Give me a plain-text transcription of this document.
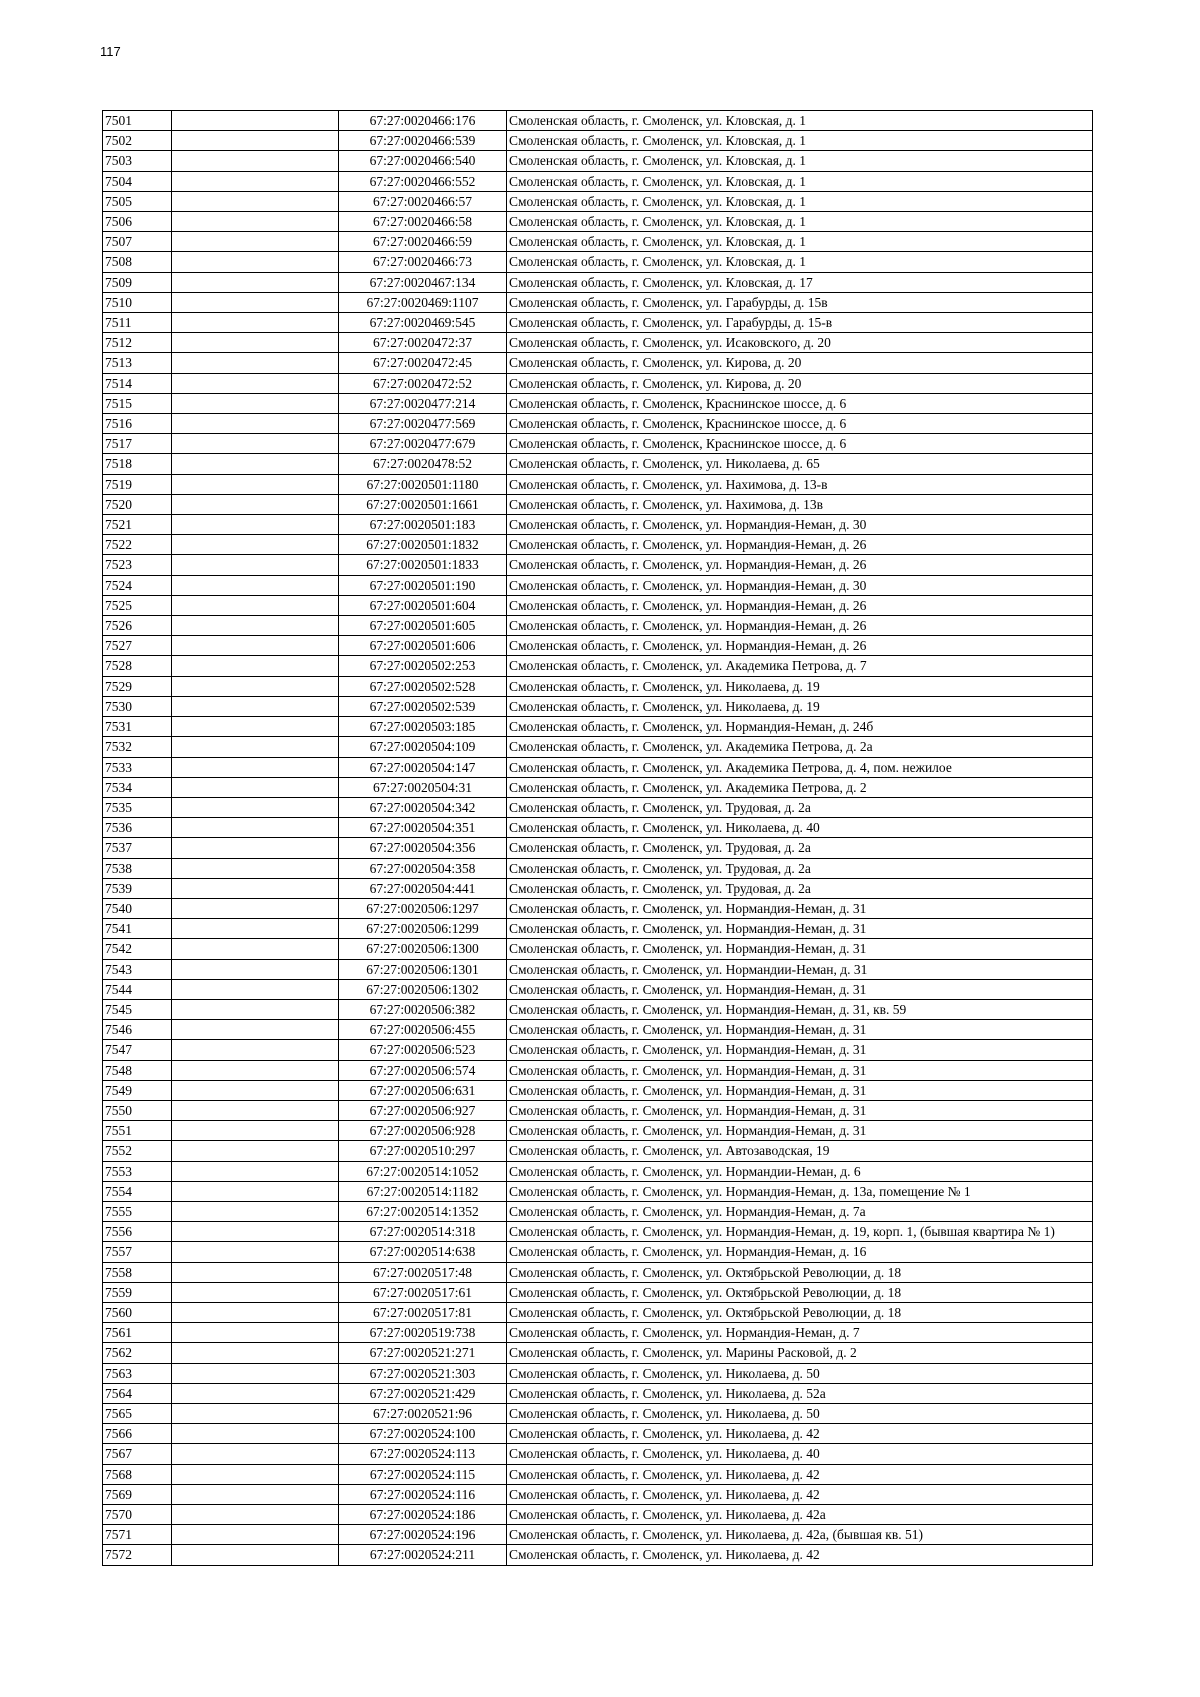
117
7501		67:27:0020466:176	Смоленская область, г. Смоленск, ул. Кловская, д. 1
7502		67:27:0020466:539	Смоленская область, г. Смоленск, ул. Кловская, д. 1
7503		67:27:0020466:540	Смоленская область, г. Смоленск, ул. Кловская, д. 1
7504		67:27:0020466:552	Смоленская область, г. Смоленск, ул. Кловская, д. 1
7505		67:27:0020466:57	Смоленская область, г. Смоленск, ул. Кловская, д. 1
7506		67:27:0020466:58	Смоленская область, г. Смоленск, ул. Кловская, д. 1
7507		67:27:0020466:59	Смоленская область, г. Смоленск, ул. Кловская, д. 1
7508		67:27:0020466:73	Смоленская область, г. Смоленск, ул. Кловская, д. 1
7509		67:27:0020467:134	Смоленская область, г. Смоленск, ул. Кловская, д. 17
7510		67:27:0020469:1107	Смоленская область, г. Смоленск, ул. Гарабурды, д. 15в
7511		67:27:0020469:545	Смоленская область, г. Смоленск, ул. Гарабурды, д. 15-в
7512		67:27:0020472:37	Смоленская область, г. Смоленск, ул. Исаковского, д. 20
7513		67:27:0020472:45	Смоленская область, г. Смоленск, ул. Кирова, д. 20
7514		67:27:0020472:52	Смоленская область, г. Смоленск, ул. Кирова, д. 20
7515		67:27:0020477:214	Смоленская область, г. Смоленск, Краснинское шоссе, д. 6
7516		67:27:0020477:569	Смоленская область, г. Смоленск, Краснинское шоссе, д. 6
7517		67:27:0020477:679	Смоленская область, г. Смоленск, Краснинское шоссе, д. 6
7518		67:27:0020478:52	Смоленская область, г. Смоленск, ул. Николаева, д. 65
7519		67:27:0020501:1180	Смоленская область, г. Смоленск, ул. Нахимова, д. 13-в
7520		67:27:0020501:1661	Смоленская область, г. Смоленск, ул. Нахимова, д. 13в
7521		67:27:0020501:183	Смоленская область, г. Смоленск, ул. Нормандия-Неман, д. 30
7522		67:27:0020501:1832	Смоленская область, г. Смоленск, ул. Нормандия-Неман, д. 26
7523		67:27:0020501:1833	Смоленская область, г. Смоленск, ул. Нормандия-Неман, д. 26
7524		67:27:0020501:190	Смоленская область, г. Смоленск, ул. Нормандия-Неман, д. 30
7525		67:27:0020501:604	Смоленская область, г. Смоленск, ул. Нормандия-Неман, д. 26
7526		67:27:0020501:605	Смоленская область, г. Смоленск, ул. Нормандия-Неман, д. 26
7527		67:27:0020501:606	Смоленская область, г. Смоленск, ул. Нормандия-Неман, д. 26
7528		67:27:0020502:253	Смоленская область, г. Смоленск, ул. Академика Петрова, д. 7
7529		67:27:0020502:528	Смоленская область, г. Смоленск, ул. Николаева, д. 19
7530		67:27:0020502:539	Смоленская область, г. Смоленск, ул. Николаева, д. 19
7531		67:27:0020503:185	Смоленская область, г. Смоленск, ул. Нормандия-Неман, д. 24б
7532		67:27:0020504:109	Смоленская область, г. Смоленск, ул. Академика Петрова, д. 2а
7533		67:27:0020504:147	Смоленская область, г. Смоленск, ул. Академика Петрова, д. 4, пом. нежилое
7534		67:27:0020504:31	Смоленская область, г. Смоленск, ул. Академика Петрова, д. 2
7535		67:27:0020504:342	Смоленская область, г. Смоленск, ул. Трудовая, д. 2а
7536		67:27:0020504:351	Смоленская область, г. Смоленск, ул. Николаева, д. 40
7537		67:27:0020504:356	Смоленская область, г. Смоленск, ул. Трудовая, д. 2а
7538		67:27:0020504:358	Смоленская область, г. Смоленск, ул. Трудовая, д. 2а
7539		67:27:0020504:441	Смоленская область, г. Смоленск, ул. Трудовая, д. 2а
7540		67:27:0020506:1297	Смоленская область, г. Смоленск, ул. Нормандия-Неман, д. 31
7541		67:27:0020506:1299	Смоленская область, г. Смоленск, ул. Нормандия-Неман, д. 31
7542		67:27:0020506:1300	Смоленская область, г. Смоленск, ул. Нормандия-Неман, д. 31
7543		67:27:0020506:1301	Смоленская область, г. Смоленск, ул. Нормандии-Неман, д. 31
7544		67:27:0020506:1302	Смоленская область, г. Смоленск, ул. Нормандия-Неман, д. 31
7545		67:27:0020506:382	Смоленская область, г. Смоленск, ул. Нормандия-Неман, д. 31, кв. 59
7546		67:27:0020506:455	Смоленская область, г. Смоленск, ул. Нормандия-Неман, д. 31
7547		67:27:0020506:523	Смоленская область, г. Смоленск, ул. Нормандия-Неман, д. 31
7548		67:27:0020506:574	Смоленская область, г. Смоленск, ул. Нормандия-Неман, д. 31
7549		67:27:0020506:631	Смоленская область, г. Смоленск, ул. Нормандия-Неман, д. 31
7550		67:27:0020506:927	Смоленская область, г. Смоленск, ул. Нормандия-Неман, д. 31
7551		67:27:0020506:928	Смоленская область, г. Смоленск, ул. Нормандия-Неман, д. 31
7552		67:27:0020510:297	Смоленская область, г. Смоленск, ул. Автозаводская, 19
7553		67:27:0020514:1052	Смоленская область, г. Смоленск, ул. Нормандии-Неман, д. 6
7554		67:27:0020514:1182	Смоленская область, г. Смоленск, ул. Нормандия-Неман, д. 13а, помещение № 1
7555		67:27:0020514:1352	Смоленская область, г. Смоленск, ул. Нормандия-Неман, д. 7а
7556		67:27:0020514:318	Смоленская область, г. Смоленск, ул. Нормандия-Неман, д. 19, корп. 1, (бывшая квартира № 1)
7557		67:27:0020514:638	Смоленская область, г. Смоленск, ул. Нормандия-Неман, д. 16
7558		67:27:0020517:48	Смоленская область, г. Смоленск, ул. Октябрьской Революции, д. 18
7559		67:27:0020517:61	Смоленская область, г. Смоленск, ул. Октябрьской Революции, д. 18
7560		67:27:0020517:81	Смоленская область, г. Смоленск, ул. Октябрьской Революции, д. 18
7561		67:27:0020519:738	Смоленская область, г. Смоленск, ул. Нормандия-Неман, д. 7
7562		67:27:0020521:271	Смоленская область, г. Смоленск, ул. Марины Расковой, д. 2
7563		67:27:0020521:303	Смоленская область, г. Смоленск, ул. Николаева, д. 50
7564		67:27:0020521:429	Смоленская область, г. Смоленск, ул. Николаева, д. 52а
7565		67:27:0020521:96	Смоленская область, г. Смоленск, ул. Николаева, д. 50
7566		67:27:0020524:100	Смоленская область, г. Смоленск, ул. Николаева, д. 42
7567		67:27:0020524:113	Смоленская область, г. Смоленск, ул. Николаева, д. 40
7568		67:27:0020524:115	Смоленская область, г. Смоленск, ул. Николаева, д. 42
7569		67:27:0020524:116	Смоленская область, г. Смоленск, ул. Николаева, д. 42
7570		67:27:0020524:186	Смоленская область, г. Смоленск, ул. Николаева, д. 42а
7571		67:27:0020524:196	Смоленская область, г. Смоленск, ул. Николаева, д. 42а, (бывшая кв. 51)
7572		67:27:0020524:211	Смоленская область, г. Смоленск, ул. Николаева, д. 42
